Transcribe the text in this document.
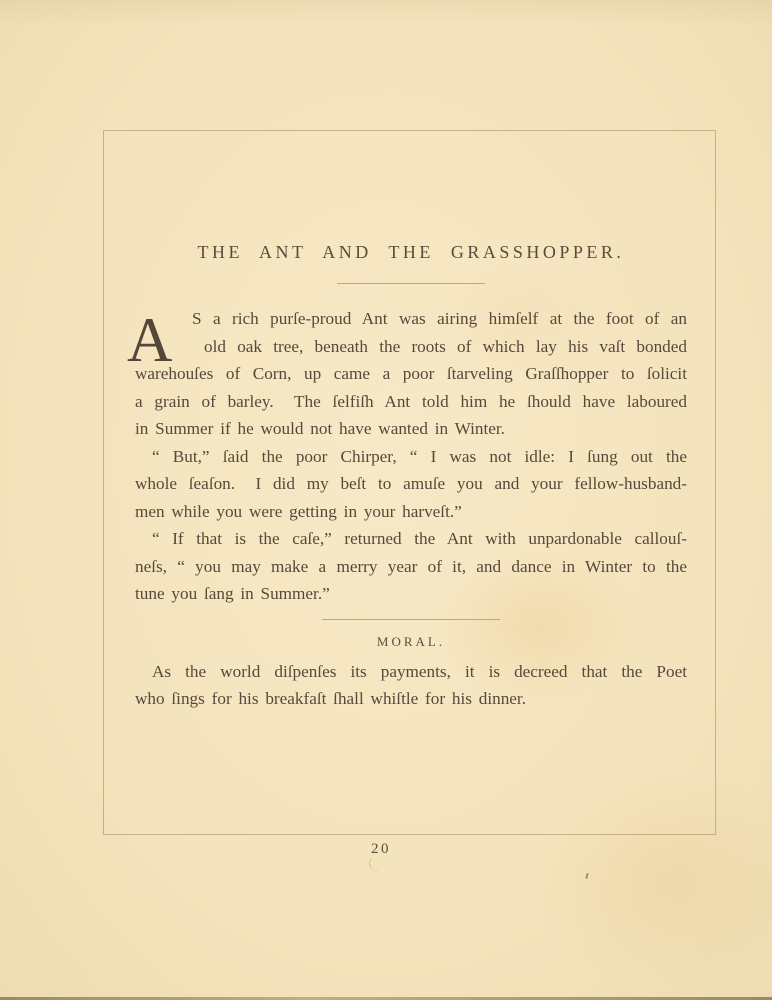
THE ANT AND THE GRASSHOPPER.
A	S a rich purſe-proud Ant was airing himſelf at the foot of an
old oak tree, beneath the roots of which lay his vaſt bonded
warehouſes of Corn, up came a poor ſtarveling Graſſhopper to ſolicit
a grain of barley.  The ſelfiſh Ant told him he ſhould have laboured
in Summer if he would not have wanted in Winter.
“ But,” ſaid the poor Chirper, “ I was not idle: I ſung out the
whole ſeaſon.  I did my beſt to amuſe you and your fellow-husband-
men while you were getting in your harveſt.”
“ If that is the caſe,” returned the Ant with unpardonable callouſ-
neſs, “ you may make a merry year of it, and dance in Winter to the
tune you ſang in Summer.”
MORAL.
As the world diſpenſes its payments, it is decreed that the Poet
who ſings for his breakfaſt ſhall whiſtle for his dinner.
20
